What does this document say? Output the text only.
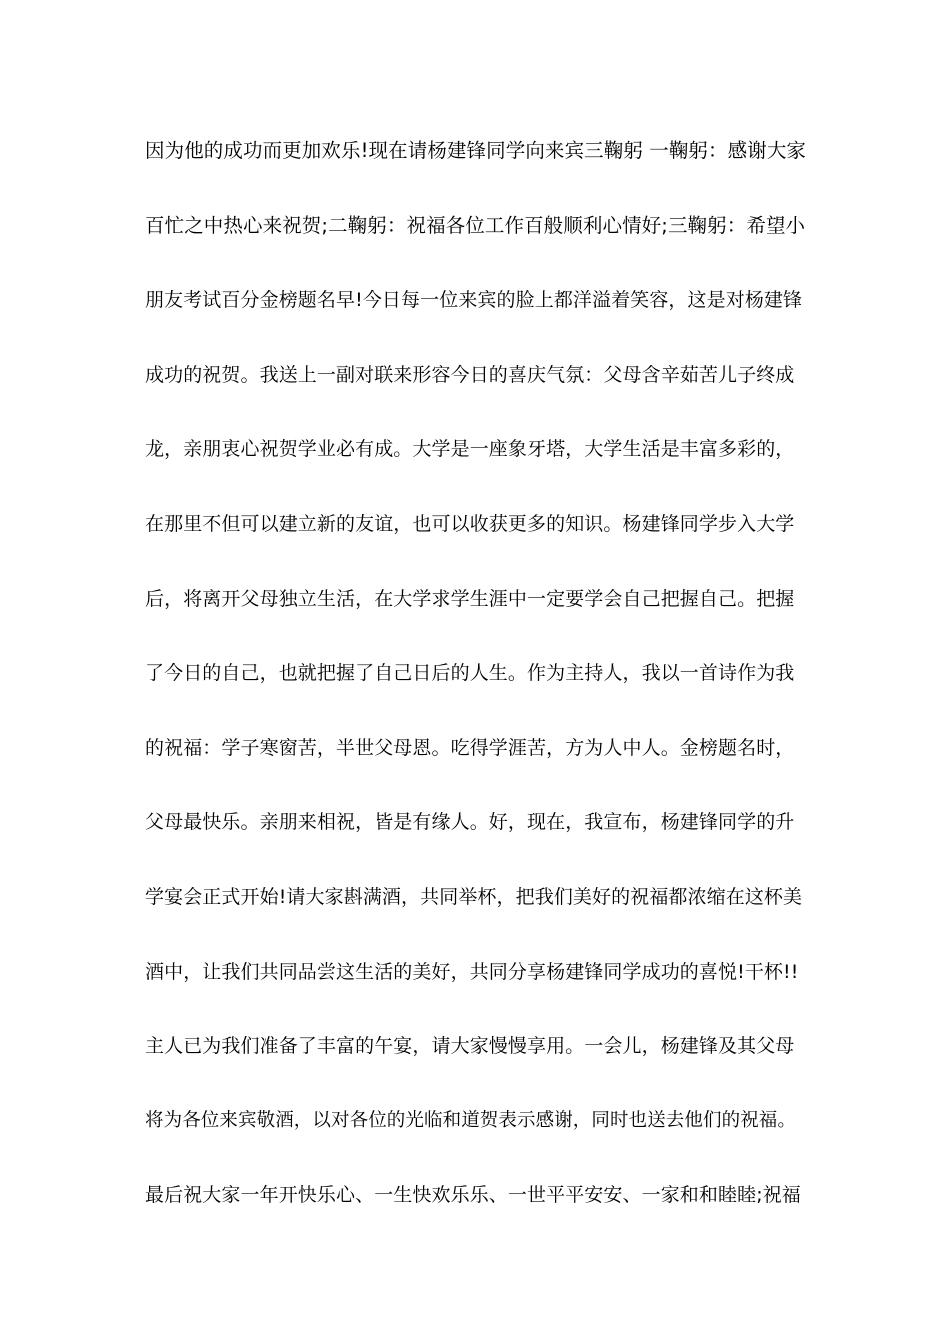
因为他的成功而更加欢乐!现在请杨建锋同学向来宾三鞠躬 一鞠躬：感谢大家
百忙之中热心来祝贺;二鞠躬：祝福各位工作百般顺利心情好;三鞠躬：希望小
朋友考试百分金榜题名早!今日每一位来宾的脸上都洋溢着笑容，这是对杨建锋
成功的祝贺。我送上一副对联来形容今日的喜庆气氛：父母含辛茹苦儿子终成
龙，亲朋衷心祝贺学业必有成。大学是一座象牙塔，大学生活是丰富多彩的，
在那里不但可以建立新的友谊，也可以收获更多的知识。杨建锋同学步入大学
后，将离开父母独立生活，在大学求学生涯中一定要学会自己把握自己。把握
了今日的自己，也就把握了自己日后的人生。作为主持人，我以一首诗作为我
的祝福：学子寒窗苦，半世父母恩。吃得学涯苦，方为人中人。金榜题名时，
父母最快乐。亲朋来相祝，皆是有缘人。好，现在，我宣布，杨建锋同学的升
学宴会正式开始!请大家斟满酒，共同举杯，把我们美好的祝福都浓缩在这杯美
酒中，让我们共同品尝这生活的美好，共同分享杨建锋同学成功的喜悦!干杯!!
主人已为我们准备了丰富的午宴，请大家慢慢享用。一会儿，杨建锋及其父母
将为各位来宾敬酒，以对各位的光临和道贺表示感谢，同时也送去他们的祝福。
最后祝大家一年开快乐心、一生快欢乐乐、一世平平安安、一家和和睦睦;祝福
